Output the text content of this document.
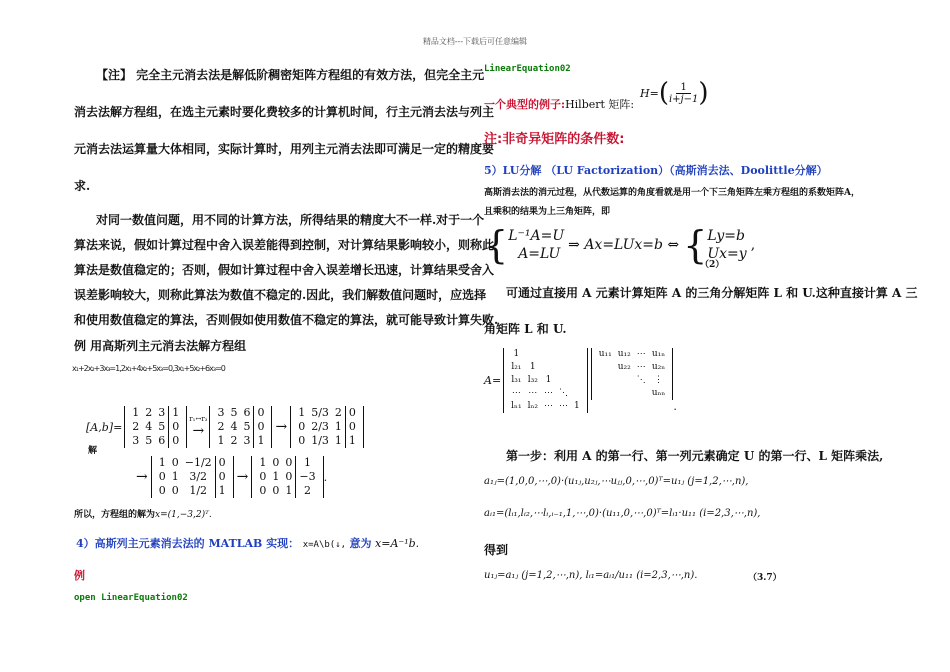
精品文档---下载后可任意编辑
【注】 完全主元消去法是解低阶稠密矩阵方程组的有效方法，但完全主元
消去法解方程组，在选主元素时要化费较多的计算机时间，行主元消去法与列主
元消去法运算量大体相同，实际计算时，用列主元消去法即可满足一定的精度要
求.
对同一数值问题，用不同的计算方法，所得结果的精度大不一样.对于一个
算法来说，假如计算过程中舍入误差能得到控制，对计算结果影响较小，则称此
算法是数值稳定的；否则，假如计算过程中舍入误差增长迅速，计算结果受舍入
误差影响较大，则称此算法为数值不稳定的.因此，我们解数值问题时，应选择
和使用数值稳定的算法，否则假如使用数值不稳定的算法，就可能导致计算失败.
例 用高斯列主元消去法解方程组
x₁+2x₂+3x₃=1,2x₁+4x₂+5x₃=0,3x₁+5x₂+6x₃=0
解
[A,b]=
1	2	3	1
2	4	5	0
3	5	6	0
r₁↔r₃
→
3	5	6	0
2	4	5	0
1	2	3	1
→
1	5/3	2	0
0	2/3	1	0
0	1/3	1	1
→
1	0	−1/2	0
0	1	3/2	0
0	0	1/2	1
→
1	0	0	1
0	1	0	−3
0	0	1	2
.
所以，方程组的解为x=(1,−3,2)ᵀ.
4）高斯列主元素消去法的 MATLAB 实现： x=A\b(↓, 意为 x=A⁻¹b.
例
open LinearEquation02
LinearEquation02
一个典型的例子:Hilbert 矩阵:
H= ( $\frac{1}{i+j-1}$ )
注:非奇异矩阵的条件数:
5）LU分解 （LU Factorization）（高斯消去法、Doolittle分解）
高斯消去法的消元过程，从代数运算的角度看就是用一个下三角矩阵左乘方程组的系数矩阵A，
且乘积的结果为上三角矩阵，即
{ L⁻¹A=U
A=LU
⇒ Ax=LUx=b ⇔ { Ly=b
Ux=y
,
（2）
可通过直接用 A 元素计算矩阵 A 的三角分解矩阵 L 和 U.这种直接计算 A 三
角矩阵 L 和 U.
A=
1				
l₂₁	1			
l₃₁	l₃₂	1		
⋯	⋯	⋯	⋱	
lₙ₁	lₙ₂	⋯	⋯	1
u₁₁	u₁₂	⋯	u₁ₙ
	u₂₂	⋯	u₂ₙ
		⋱	⋮
			uₙₙ
.
第一步：利用 A 的第一行、第一列元素确定 U 的第一行、L 矩阵乘法,
a₁ⱼ=(1,0,0,⋯,0)·(u₁ⱼ,u₂ⱼ,⋯uⱼⱼ,0,⋯,0)ᵀ=u₁ⱼ (j=1,2,⋯,n),
aᵢ₁=(lᵢ₁,lᵢ₂,⋯lᵢ,ᵢ₋₁,1,⋯,0)·(u₁₁,0,⋯,0)ᵀ=lᵢ₁·u₁₁ (i=2,3,⋯,n),
得到
u₁ⱼ=a₁ⱼ (j=1,2,⋯,n), lᵢ₁=aᵢ₁/u₁₁ (i=2,3,⋯,n).	（3.7）
